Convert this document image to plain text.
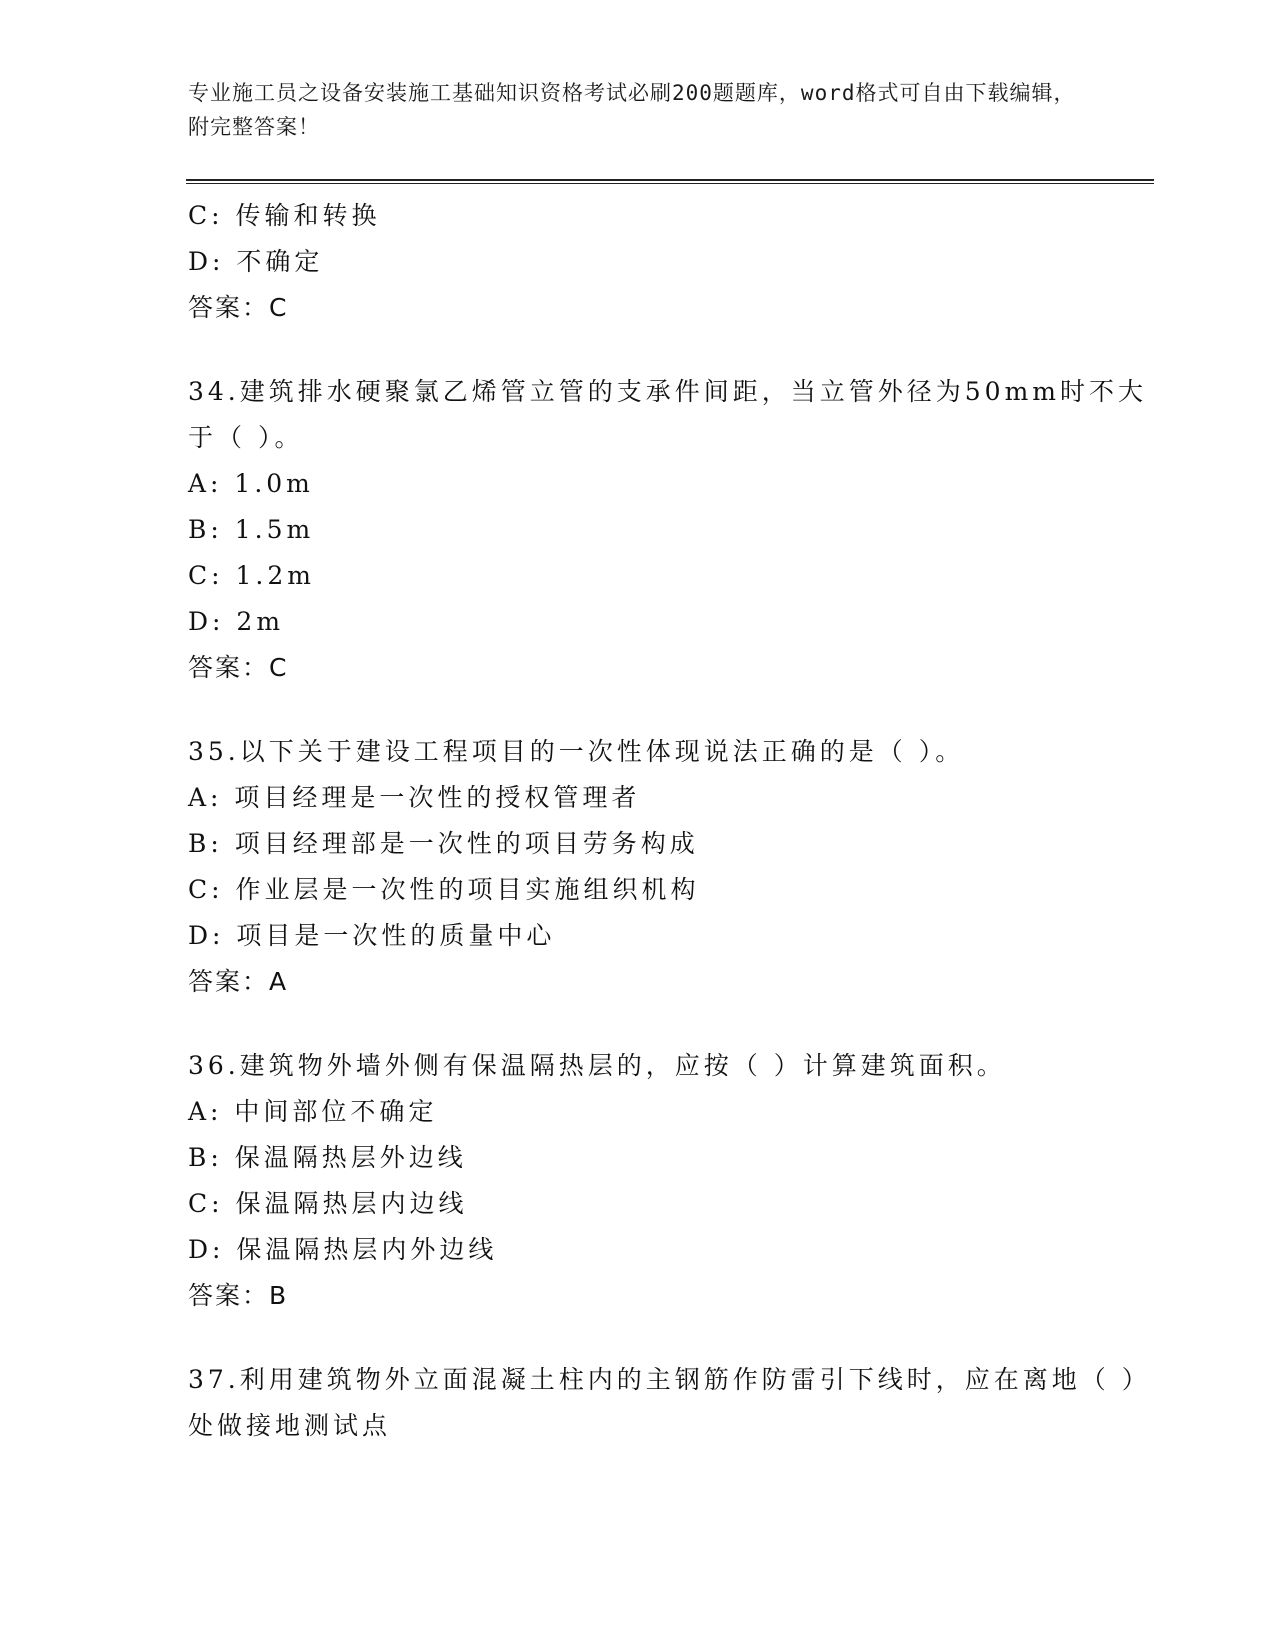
专业施工员之设备安装施工基础知识资格考试必刷200题题库，word格式可自由下载编辑，附完整答案！
C: 传输和转换
D: 不确定
答案：C
34.建筑排水硬聚氯乙烯管立管的支承件间距，当立管外径为50mm时不大于（ ）。
A: 1.0m
B: 1.5m
C: 1.2m
D: 2m
答案：C
35.以下关于建设工程项目的一次性体现说法正确的是（ ）。
A: 项目经理是一次性的授权管理者
B: 项目经理部是一次性的项目劳务构成
C: 作业层是一次性的项目实施组织机构
D: 项目是一次性的质量中心
答案：A
36.建筑物外墙外侧有保温隔热层的，应按（ ）计算建筑面积。
A: 中间部位不确定
B: 保温隔热层外边线
C: 保温隔热层内边线
D: 保温隔热层内外边线
答案：B
37.利用建筑物外立面混凝土柱内的主钢筋作防雷引下线时，应在离地（ ）处做接地测试点
